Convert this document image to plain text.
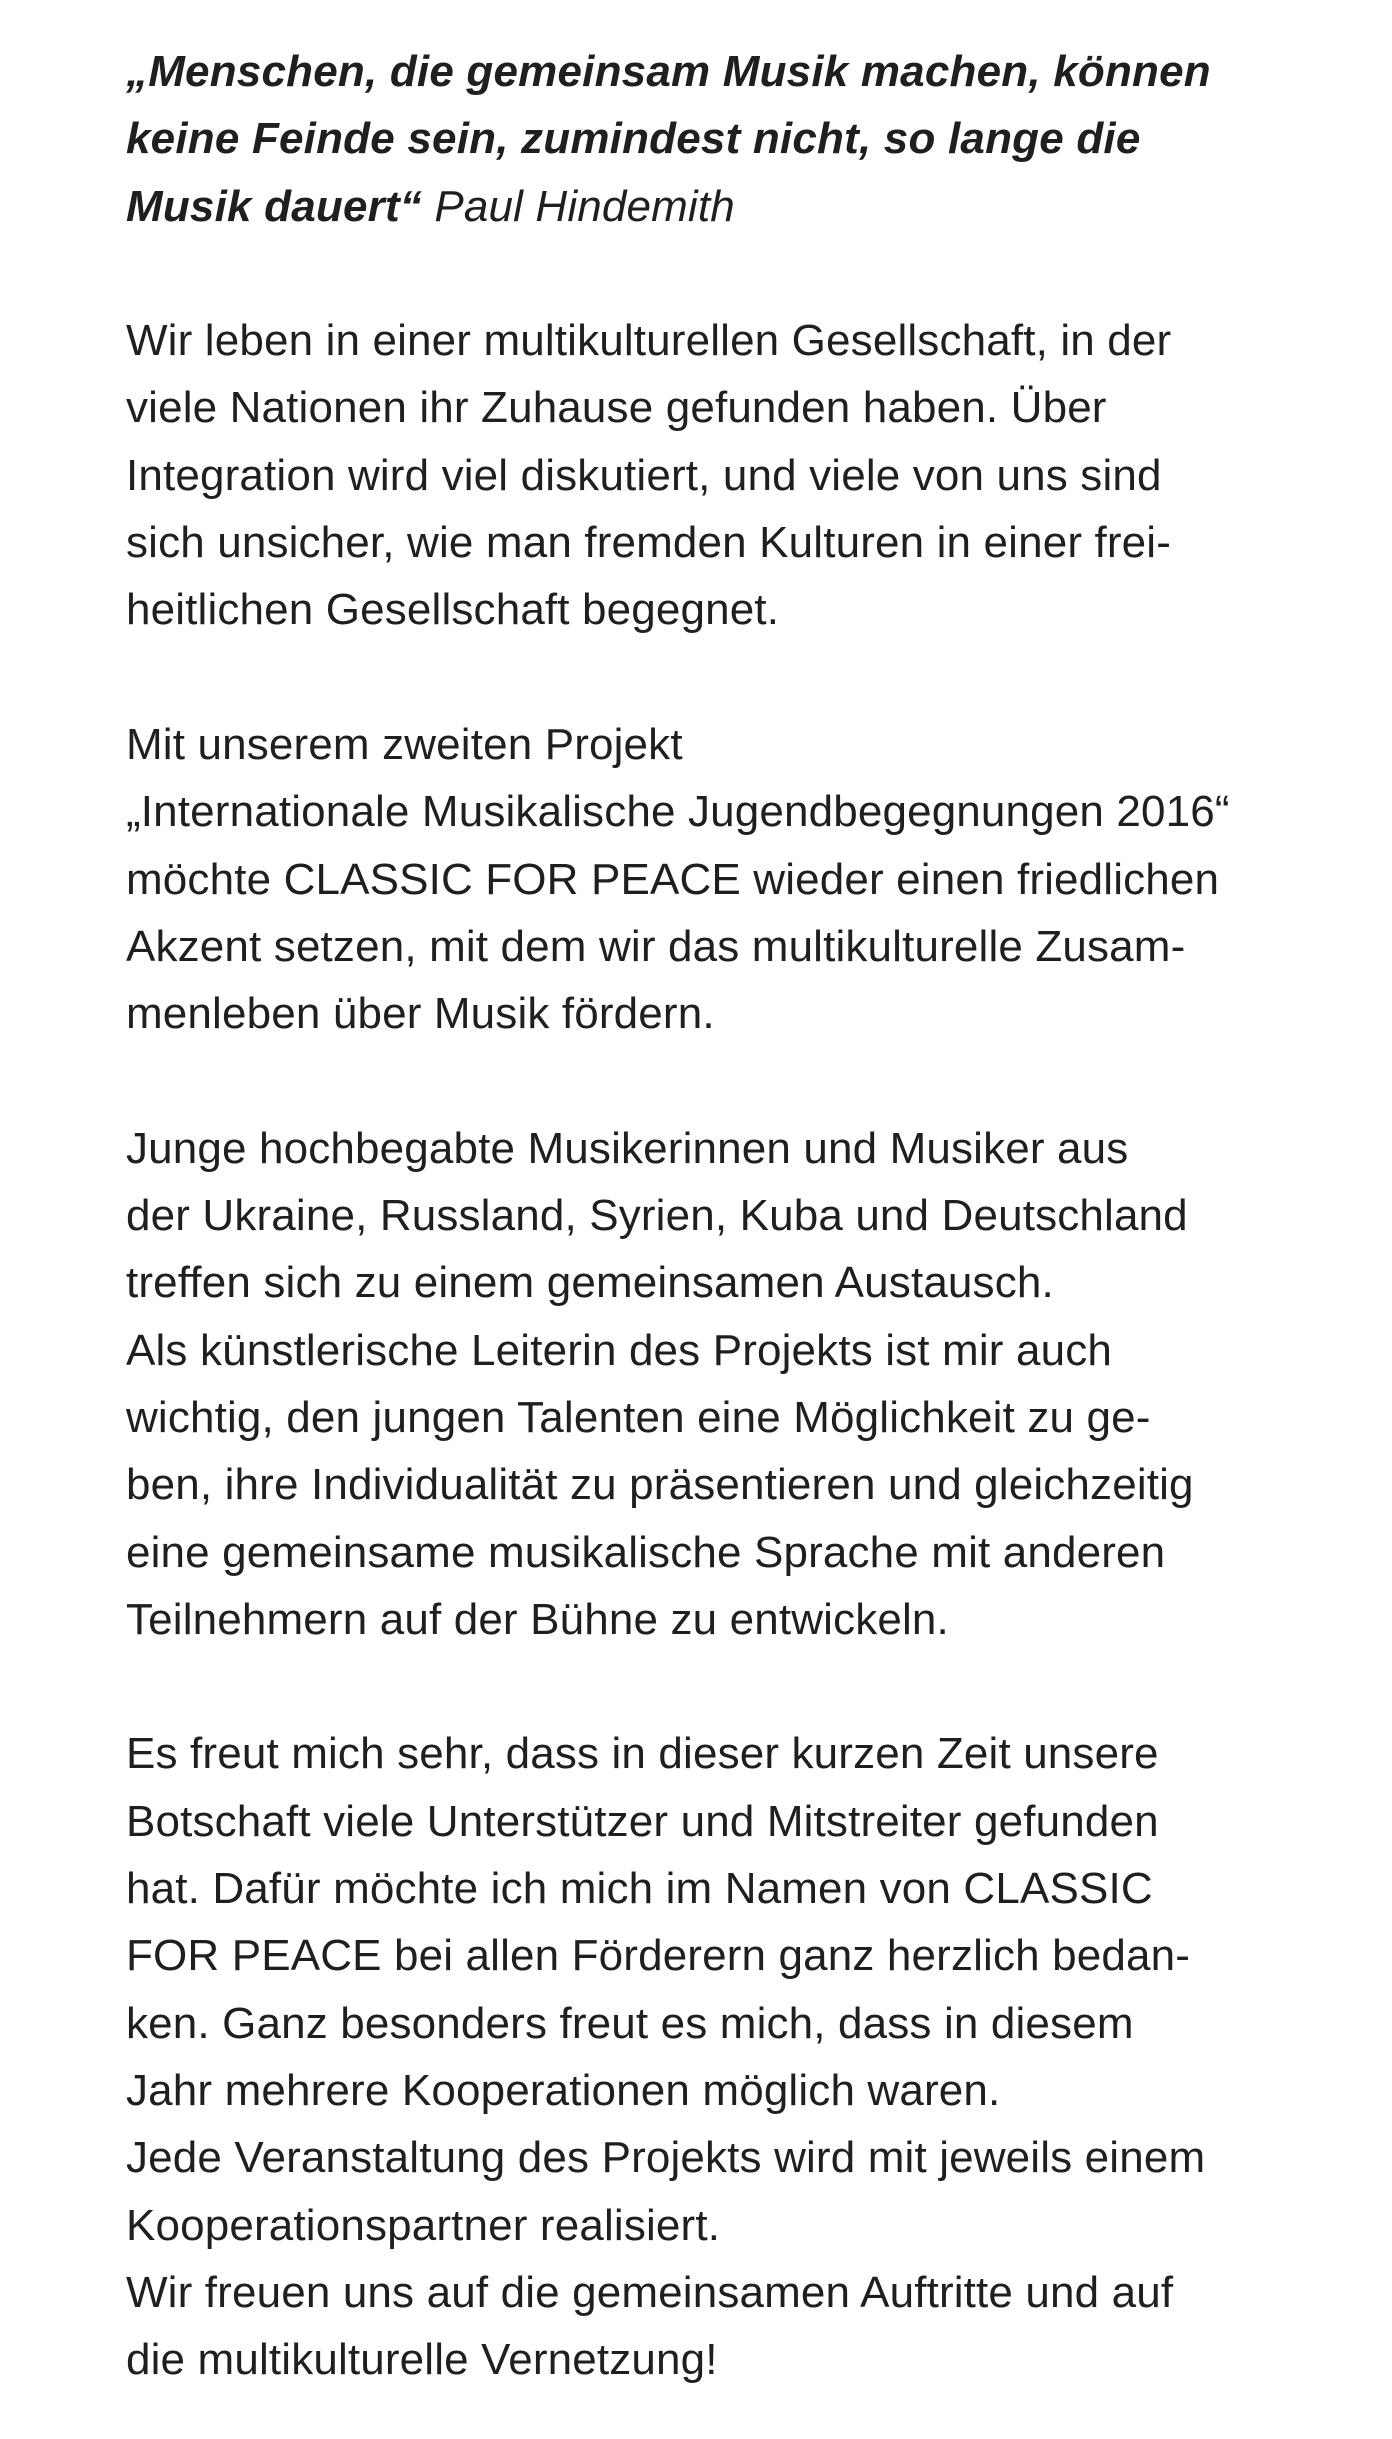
„Menschen, die gemeinsam Musik machen, können
keine Feinde sein, zumindest nicht, so lange die
Musik dauert“ Paul Hindemith
Wir leben in einer multikulturellen Gesellschaft, in der
viele Nationen ihr Zuhause gefunden haben. Über
Integration wird viel diskutiert, und viele von uns sind
sich unsicher, wie man fremden Kulturen in einer frei-
heitlichen Gesellschaft begegnet.
Mit unserem zweiten Projekt
„Internationale Musikalische Jugendbegegnungen 2016“
möchte CLASSIC FOR PEACE wieder einen friedlichen
Akzent setzen, mit dem wir das multikulturelle Zusam-
menleben über Musik fördern.
Junge hochbegabte Musikerinnen und Musiker aus
der Ukraine, Russland, Syrien, Kuba und Deutschland
treffen sich zu einem gemeinsamen Austausch.
Als künstlerische Leiterin des Projekts ist mir auch
wichtig, den jungen Talenten eine Möglichkeit zu ge-
ben, ihre Individualität zu präsentieren und gleichzeitig
eine gemeinsame musikalische Sprache mit anderen
Teilnehmern auf der Bühne zu entwickeln.
Es freut mich sehr, dass in dieser kurzen Zeit unsere
Botschaft viele Unterstützer und Mitstreiter gefunden
hat. Dafür möchte ich mich im Namen von CLASSIC
FOR PEACE bei allen Förderern ganz herzlich bedan-
ken. Ganz besonders freut es mich, dass in diesem
Jahr mehrere Kooperationen möglich waren.
Jede Veranstaltung des Projekts wird mit jeweils einem
Kooperationspartner realisiert.
Wir freuen uns auf die gemeinsamen Auftritte und auf
die multikulturelle Vernetzung!
